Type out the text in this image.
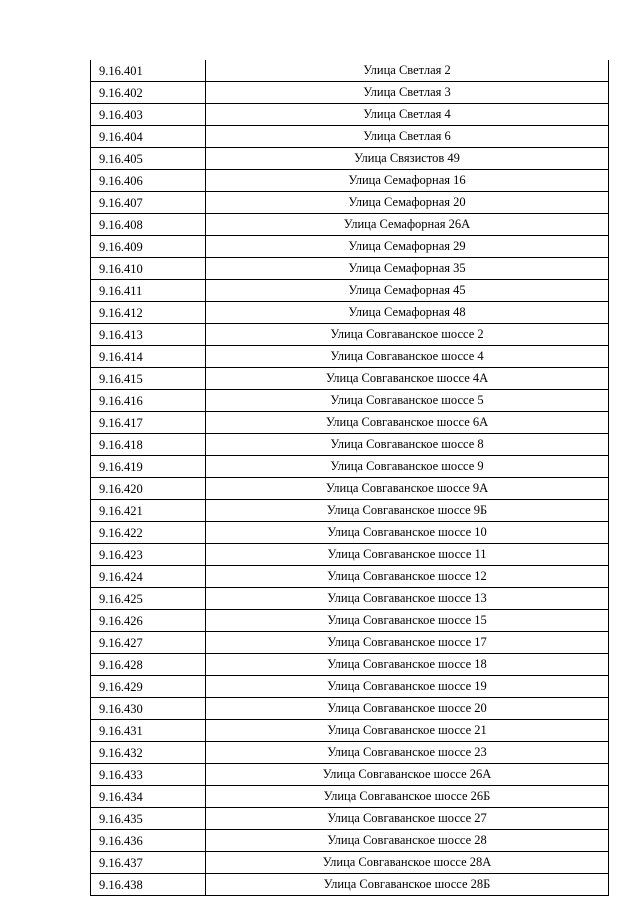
9.16.401	Улица Светлая 2
9.16.402	Улица Светлая 3
9.16.403	Улица Светлая 4
9.16.404	Улица Светлая 6
9.16.405	Улица Связистов 49
9.16.406	Улица Семафорная 16
9.16.407	Улица Семафорная 20
9.16.408	Улица Семафорная 26А
9.16.409	Улица Семафорная 29
9.16.410	Улица Семафорная 35
9.16.411	Улица Семафорная 45
9.16.412	Улица Семафорная 48
9.16.413	Улица Совгаванское шоссе 2
9.16.414	Улица Совгаванское шоссе 4
9.16.415	Улица Совгаванское шоссе 4А
9.16.416	Улица Совгаванское шоссе 5
9.16.417	Улица Совгаванское шоссе 6А
9.16.418	Улица Совгаванское шоссе 8
9.16.419	Улица Совгаванское шоссе 9
9.16.420	Улица Совгаванское шоссе 9А
9.16.421	Улица Совгаванское шоссе 9Б
9.16.422	Улица Совгаванское шоссе 10
9.16.423	Улица Совгаванское шоссе 11
9.16.424	Улица Совгаванское шоссе 12
9.16.425	Улица Совгаванское шоссе 13
9.16.426	Улица Совгаванское шоссе 15
9.16.427	Улица Совгаванское шоссе 17
9.16.428	Улица Совгаванское шоссе 18
9.16.429	Улица Совгаванское шоссе 19
9.16.430	Улица Совгаванское шоссе 20
9.16.431	Улица Совгаванское шоссе 21
9.16.432	Улица Совгаванское шоссе 23
9.16.433	Улица Совгаванское шоссе 26А
9.16.434	Улица Совгаванское шоссе 26Б
9.16.435	Улица Совгаванское шоссе 27
9.16.436	Улица Совгаванское шоссе 28
9.16.437	Улица Совгаванское шоссе 28А
9.16.438	Улица Совгаванское шоссе 28Б
